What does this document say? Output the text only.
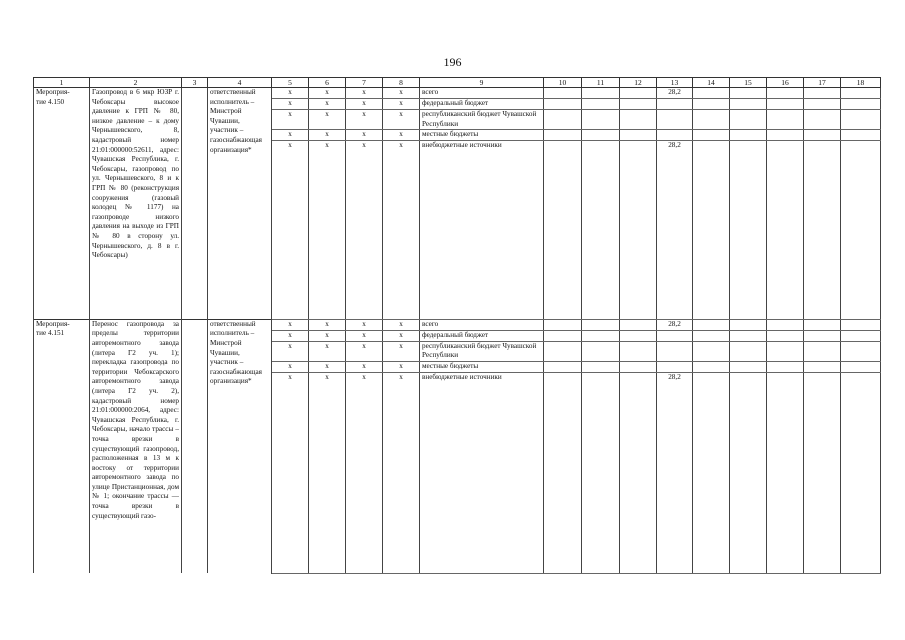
196
1	2	3	4	5	6	7	8	9	10	11	12	13	14	15	16	17	18
Мероприя-
тие 4.150	Газопровод в 6 мкр ЮЗР г. Чебоксары высокое давление к ГРП № 80, низкое давление – к дому Чернышевского, 8, кадастровый номер 21:01:000000:52611, адрес: Чувашская Республика, г. Чебоксары, газопровод по ул. Чернышевского, 8 и к ГРП № 80 (реконструкция сооружения (газовый колодец № 1177) на газопроводе низкого давления на выходе из ГРП № 80 в сторону ул. Чернышевского, д. 8 в г. Чебоксары)		ответственный исполнитель – Минстрой Чувашии, участник – газоснабжающая организация*	х	х	х	х	всего				28,2					
				х	х	х	х	федеральный бюджет									
				х	х	х	х	республиканский бюджет Чувашской Республики									
				х	х	х	х	местные бюджеты									
				х	х	х	х	внебюджетные источники				28,2					
Мероприя-
тие 4.151	Перенос газопровода за пределы территории авторемонтного завода (литера Г2 уч. 1); перекладка газопровода по территории Чебоксарского авторемонтного завода (литера Г2 уч. 2), кадастровый номер 21:01:000000:2064, адрес: Чувашская Республика, г. Чебоксары, начало трассы – точка врезки в существующий газопровод, расположенная в 13 м к востоку от территории авторемонтного завода по улице Пристанционная, дом № 1; окончание трассы — точка врезки в существующий газо-		ответственный исполнитель – Минстрой Чувашии, участник – газоснабжающая организация*	х	х	х	х	всего				28,2					
				х	х	х	х	федеральный бюджет									
				х	х	х	х	республиканский бюджет Чувашской Республики									
				х	х	х	х	местные бюджеты									
				х	х	х	х	внебюджетные источники				28,2					
